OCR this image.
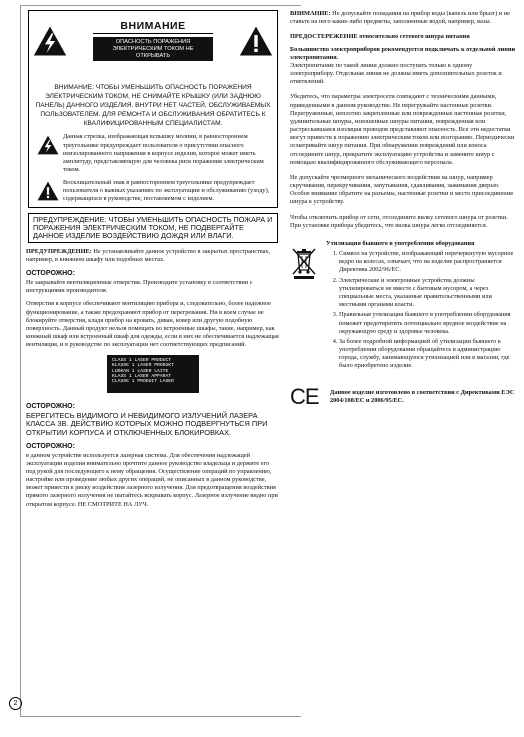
ВНИМАНИЕ
ОПАСНОСТЬ ПОРАЖЕНИЯ ЭЛЕКТРИЧЕСКИМ ТОКОМ НЕ ОТКРЫВАТЬ
ВНИМАНИЕ: ЧТОБЫ УМЕНЬШИТЬ ОПАСНОСТЬ ПОРАЖЕНИЯ ЭЛЕКТРИЧЕСКИМ ТОКОМ, НЕ СНИМАЙТЕ КРЫШКУ (ИЛИ ЗАДНЮЮ ПАНЕЛЬ) ДАННОГО ИЗДЕЛИЯ. ВНУТРИ НЕТ ЧАСТЕЙ, ОБСЛУЖИВАЕМЫХ ПОЛЬЗОВАТЕЛЕМ. ДЛЯ РЕМОНТА И ОБСЛУЖИВАНИЯ ОБРАТИТЕСЬ К КВАЛИФИЦИРОВАННЫМ СПЕЦИАЛИСТАМ.
Данная стрелка, изображающая вспышку молнии, в равностороннем треугольнике предупреждает пользователя о присутствии опасного неизолированного напряжения в корпусе изделия, которое может иметь амплитуду, представляющую для человека риск поражения электрическим током.
Восклицательный знак в равностороннем треугольнике предупреждает пользователя о важных указаниях по эксплуатации и обслуживанию (уходу), содержащихся в руководстве, поставляемом с изделием.
ПРЕДУПРЕЖДЕНИЕ: ЧТОБЫ УМЕНЬШИТЬ ОПАСНОСТЬ ПОЖАРА И ПОРАЖЕНИЯ ЭЛЕКТРИЧЕСКИМ ТОКОМ, НЕ ПОДВЕРГАЙТЕ ДАННОЕ ИЗДЕЛИЕ ВОЗДЕЙСТВИЮ ДОЖДЯ ИЛИ ВЛАГИ.
ПРЕДУПРЕЖДЕНИЕ: Не устанавливайте данное устройство в закрытых пространствах, например, в книжном шкафу или подобных местах.
ОСТОРОЖНО:
Не закрывайте вентиляционные отверстия. Производите установку в соответствии с инструкциями производителя.
Отверстия в корпусе обеспечивают вентиляцию прибора и, следовательно, более надежное функционирование, а также предохраняют прибор от перегревания. Ни в коем случае не блокируйте отверстия, кладя прибор на кровать, диван, ковер или другую подобную поверхность. Данный продукт нельзя помещать во встроенные шкафы, такие, например, как книжный шкаф или встроенный шкаф для одежды, если в них не обеспечивается надлежащая вентиляция, и в руководстве по эксплуатации нет соответствующих предписаний.
CLASS 1 LASER PRODUCT
KLASSE 1 LASER PRODUKT
LUOKAN 1 LASER LAITE
KLASS 1 LASER APPARAT
CLASSE 1 PRODUIT LASER
ОСТОРОЖНО:
БЕРЕГИТЕСЬ ВИДИМОГО И НЕВИДИМОГО ИЗЛУЧЕНИЙ ЛАЗЕРА КЛАССА 3B. ДЕЙСТВИЮ КОТОРЫХ МОЖНО ПОДВЕРГНУТЬСЯ ПРИ ОТКРЫТИИ КОРПУСА И ОТКЛЮЧЕННЫХ БЛОКИРОВКАХ.
ОСТОРОЖНО:
в данном устройстве используется лазерная система. Для обеспечения надлежащей эксплуатации изделия внимательно прочтите данное руководство владельца и держите его под рукой для последующего к нему обращения. Осуществление операций по управлению, настройке или проведение любых других операций, не описанных в данном руководстве, может привести к риску воздействия лазерного излучения. Для предотвращения воздействия прямого лазерного излучения не пытайтесь вскрывать корпус. Лазерное излучение видно при открытом корпусе. НЕ СМОТРИТЕ НА ЛУЧ.
ВНИМАНИЕ: Не допускайте попадания на прибор воды (капель или брызг) и не ставьте на него какие-либо предметы, заполненные водой, например, вазы.
ПРЕДОСТЕРЕЖЕНИЕ относительно сетевого шнура питания
Большинство электроприборов рекомендуется подключать к отдельной линии электропитания.
Электропитание по такой линии должно поступать только к одному электроприбору. Отдельная линия не должна иметь дополнительных розеток и ответвлений.
Убедитесь, что параметры электросети совпадают с техническими данными, приведенными в данном руководстве. Не перегружайте настенные розетки. Перегруженные, неплотно закрепленные или поврежденные настенные розетки, удлинительные шнуры, изношенные шнуры питания, поврежденная или растрескавшаяся изоляция проводов представляют опасность. Все эти недостатки могут привести к поражению электрическим током или возгоранию. Периодически осматривайте шнур питания. При обнаружении повреждений или износа отсоедините шнур, прекратите эксплуатацию устройства и замените шнур с помощью квалифицированного обслуживающего персонала.
Не допускайте чрезмерного механического воздействия на шнур, например скручивания, перекручивания, запутывания, сдавливания, зажимания дверью. Особое внимание обратите на разъемы, настенные розетки и место присоединения шнура к устройству.
Чтобы отключить прибор от сети, отсоедините вилку сетевого шнура от розетки. При установке прибора убедитесь, что вилка шнура легко отсоединяется.
Утилизация бывшего в употреблении оборудования
1. Символ на устройстве, изображающий перечеркнутую мусорное ведро на колесах, означает, что на изделие распространяется Директива 2002/96/ЕС.
2. Электрические и электронные устройства должны утилизироваться не вместе с бытовым мусором, а через специальные места, указанные правительственными или местными органами власти.
3. Правильная утилизация бывшего в употреблении оборудования поможет предотвратить потенциально вредное воздействие на окружающую среду и здоровье человека.
4. За более подробной информацией об утилизации бывшего в употреблении оборудования обращайтесь в администрацию города, службу, занимающуюся утилизацией или в магазин, где было приобретено изделие.
CE	Данное изделие изготовлено в соответствии с Директивами ЕЭС 2004/108/ЕС и 2006/95/ЕС.
2
